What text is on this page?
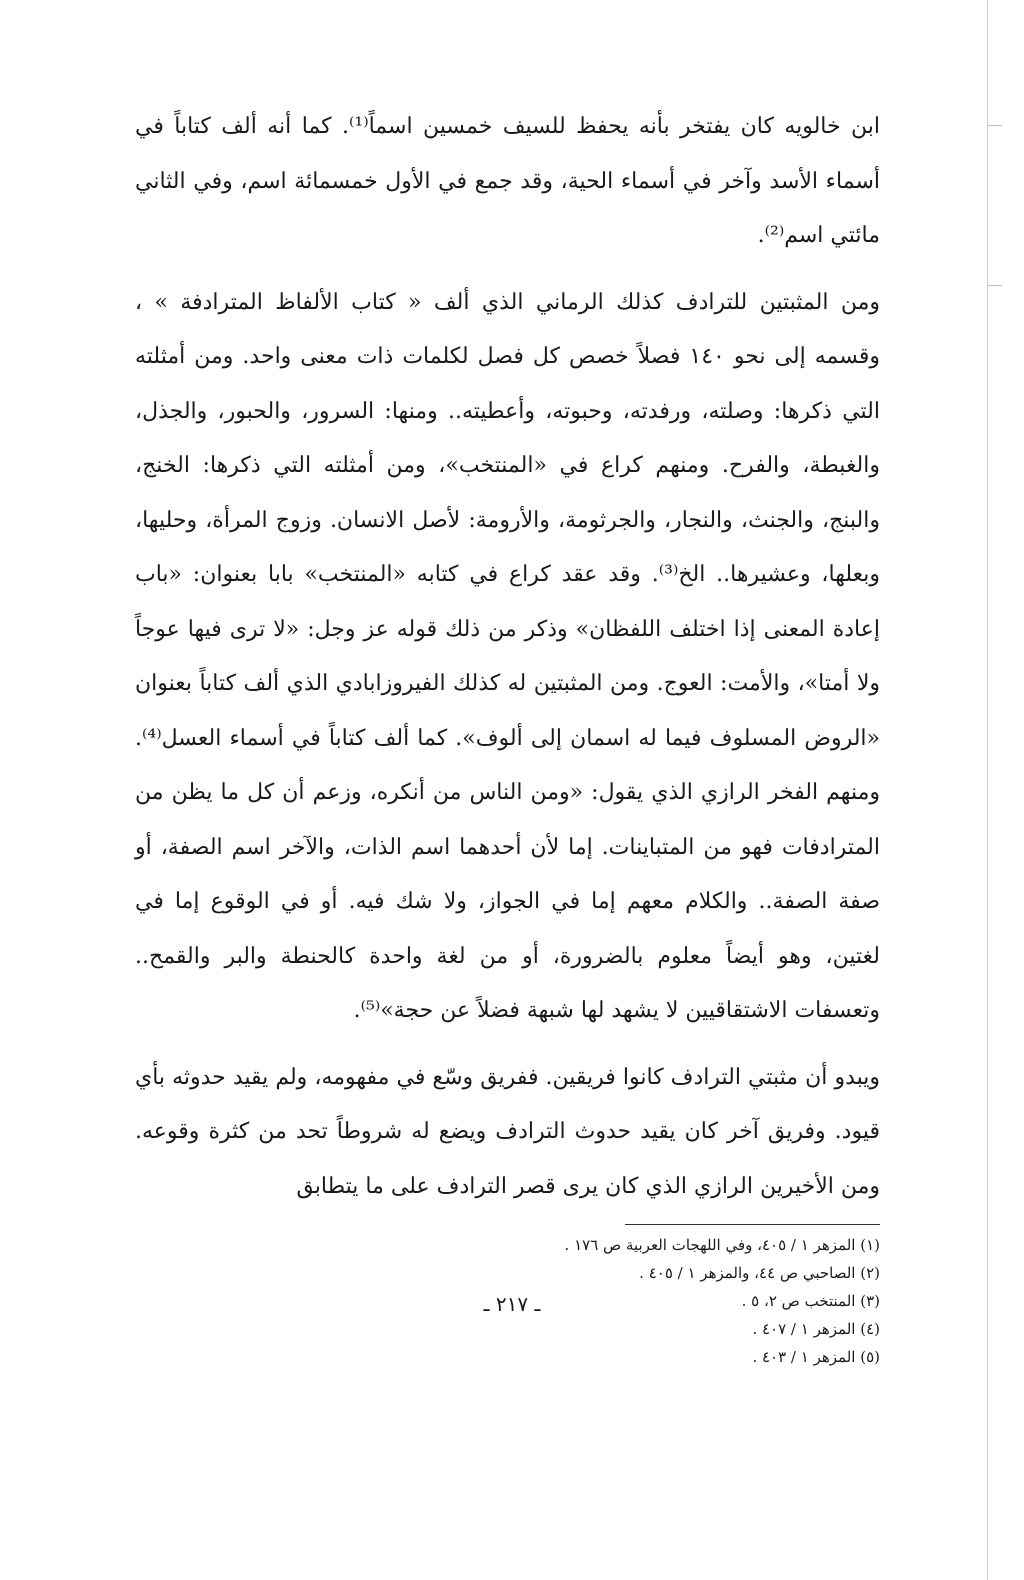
ابن خالويه كان يفتخر بأنه يحفظ للسيف خمسين اسماً⁽¹⁾. كما أنه ألف كتاباً في أسماء الأسد وآخر في أسماء الحية، وقد جمع في الأول خمسمائة اسم، وفي الثاني مائتي اسم⁽²⁾.

ومن المثبتين للترادف كذلك الرماني الذي ألف « كتاب الألفاظ المترادفة » ، وقسمه إلى نحو ١٤٠ فصلاً خصص كل فصل لكلمات ذات معنى واحد. ومن أمثلته التي ذكرها: وصلته، ورفدته، وحبوته، وأعطيته.. ومنها: السرور، والحبور، والجذل، والغبطة، والفرح. ومنهم كراع في «المنتخب»، ومن أمثلته التي ذكرها: الخنج، والبنج، والجنث، والنجار، والجرثومة، والأرومة: لأصل الانسان. وزوج المرأة، وحليها، وبعلها، وعشيرها.. الخ⁽³⁾. وقد عقد كراع في كتابه «المنتخب» بابا بعنوان: «باب إعادة المعنى إذا اختلف اللفظان» وذكر من ذلك قوله عز وجل: «لا ترى فيها عوجاً ولا أمتا»، والأمت: العوج. ومن المثبتين له كذلك الفيروزابادي الذي ألف كتاباً بعنوان «الروض المسلوف فيما له اسمان إلى ألوف». كما ألف كتاباً في أسماء العسل⁽⁴⁾. ومنهم الفخر الرازي الذي يقول: «ومن الناس من أنكره، وزعم أن كل ما يظن من المترادفات فهو من المتباينات. إما لأن أحدهما اسم الذات، والآخر اسم الصفة، أو صفة الصفة.. والكلام معهم إما في الجواز، ولا شك فيه. أو في الوقوع إما في لغتين، وهو أيضاً معلوم بالضرورة، أو من لغة واحدة كالحنطة والبر والقمح.. وتعسفات الاشتقاقيين لا يشهد لها شبهة فضلاً عن حجة»⁽⁵⁾.

ويبدو أن مثبتي الترادف كانوا فريقين. ففريق وسّع في مفهومه، ولم يقيد حدوثه بأي قيود. وفريق آخر كان يقيد حدوث الترادف ويضع له شروطاً تحد من كثرة وقوعه. ومن الأخيرين الرازي الذي كان يرى قصر الترادف على ما يتطابق

(١) المزهر ١ / ٤٠٥، وفي اللهجات العربية ص ١٧٦ .
(٢) الصاحبي ص ٤٤، والمزهر ١ / ٤٠٥ .
(٣) المنتخب ص ٢، ٥ .
(٤) المزهر ١ / ٤٠٧ .
(٥) المزهر ١ / ٤٠٣ .
ـ ٢١٧ ـ
